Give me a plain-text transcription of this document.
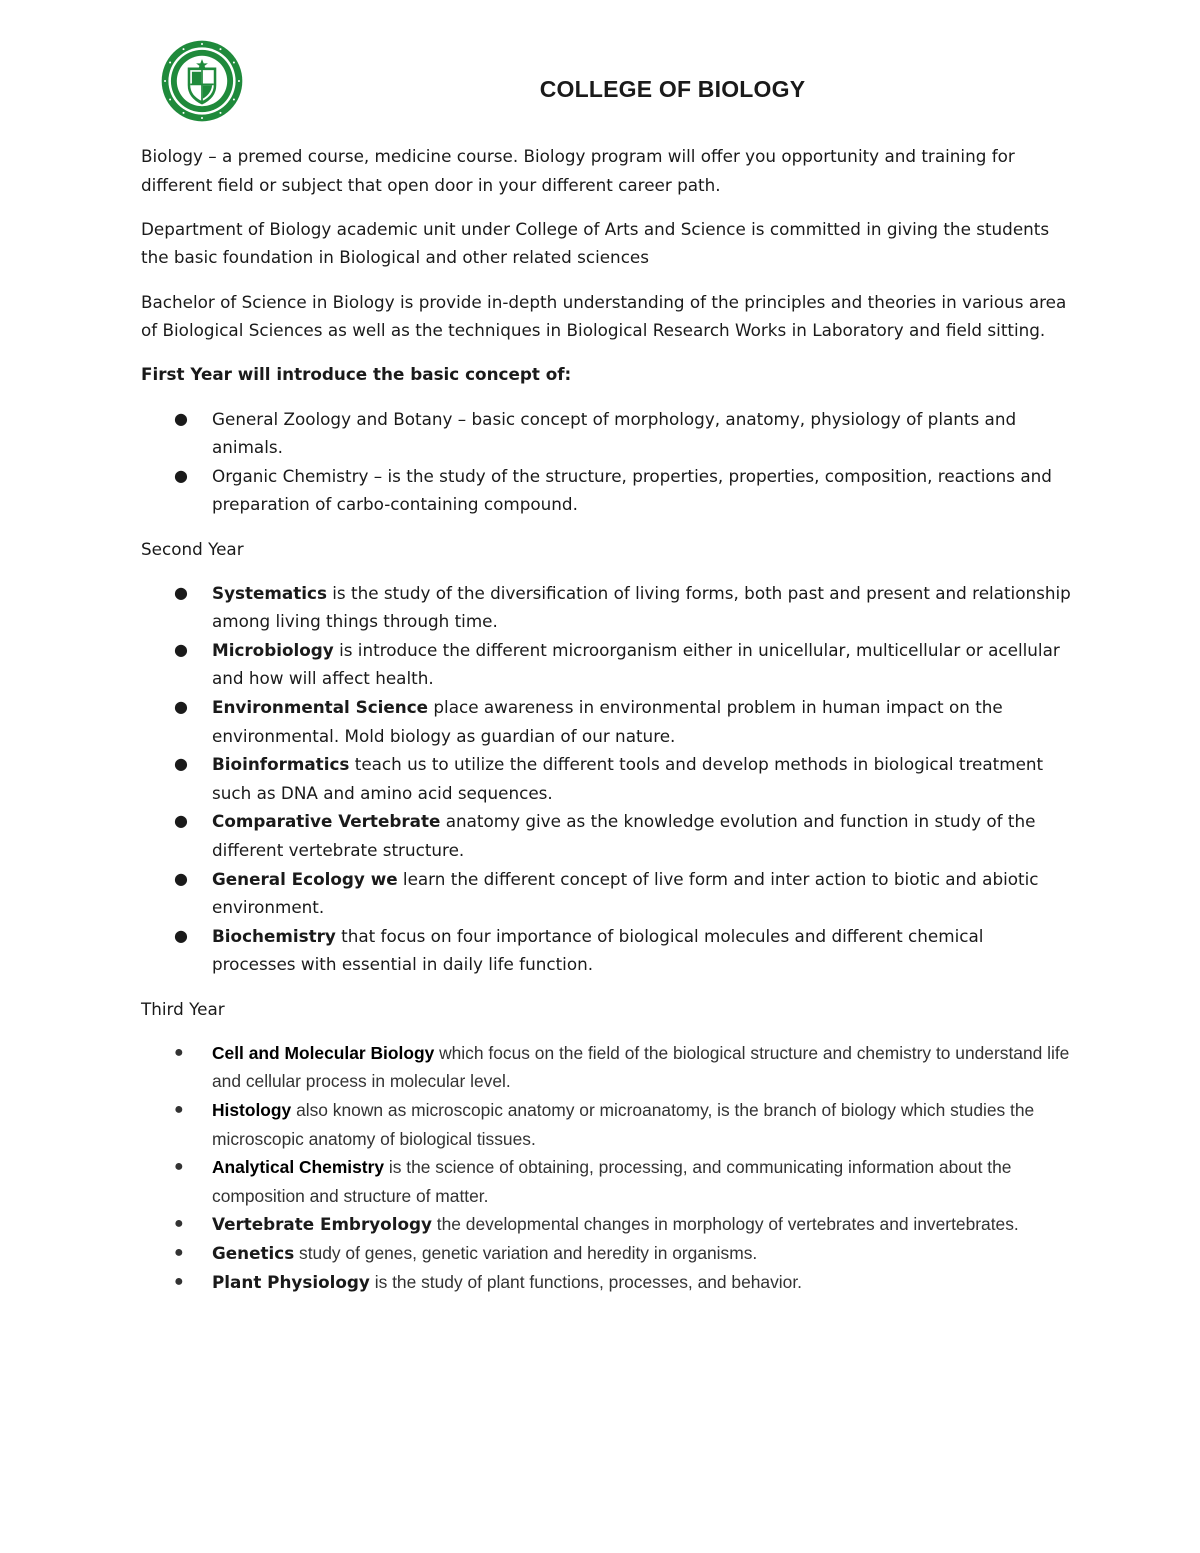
COLLEGE OF BIOLOGY

Biology – a premed course, medicine course. Biology program will offer you opportunity and training for different field or subject that open door in your different career path.

Department of Biology academic unit under College of Arts and Science is committed in giving the students the basic foundation in Biological and other related sciences

Bachelor of Science in Biology is provide in-depth understanding of the principles and theories in various area of Biological Sciences as well as the techniques in Biological Research Works in Laboratory and field sitting.

First Year will introduce the basic concept of:
● General Zoology and Botany – basic concept of morphology, anatomy, physiology of plants and animals.
● Organic Chemistry – is the study of the structure, properties, properties, composition, reactions and preparation of carbo-containing compound.
Second Year
● Systematics is the study of the diversification of living forms, both past and present and relationship among living things through time.
● Microbiology is introduce the different microorganism either in unicellular, multicellular or acellular and how will affect health.
● Environmental Science place awareness in environmental problem in human impact on the environmental. Mold biology as guardian of our nature.
● Bioinformatics teach us to utilize the different tools and develop methods in biological treatment such as DNA and amino acid sequences.
● Comparative Vertebrate anatomy give as the knowledge evolution and function in study of the different vertebrate structure.
● General Ecology we learn the different concept of live form and inter action to biotic and abiotic environment.
● Biochemistry that focus on four importance of biological molecules and different chemical processes with essential in daily life function.
Third Year
● Cell and Molecular Biology which focus on the field of the biological structure and chemistry to understand life and cellular process in molecular level.
● Histology also known as microscopic anatomy or microanatomy, is the branch of biology which studies the microscopic anatomy of biological tissues.
● Analytical Chemistry is the science of obtaining, processing, and communicating information about the composition and structure of matter.
● Vertebrate Embryology the developmental changes in morphology of vertebrates and invertebrates.
● Genetics study of genes, genetic variation and heredity in organisms.
● Plant Physiology is the study of plant functions, processes, and behavior.
